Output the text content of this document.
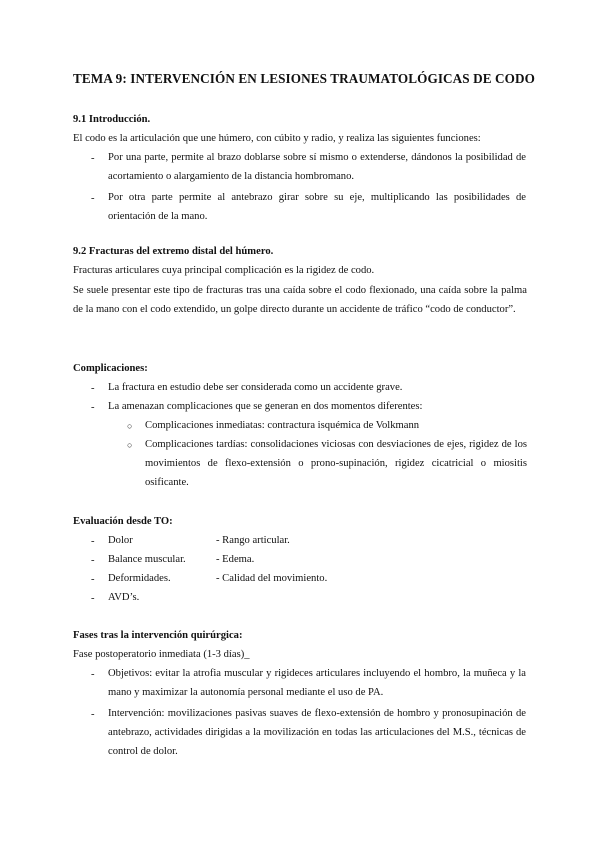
TEMA 9: INTERVENCIÓN EN LESIONES TRAUMATOLÓGICAS DE CODO
9.1 Introducción.
El codo es la articulación que une húmero, con cúbito y radio, y realiza las siguientes funciones:
- Por una parte, permite al brazo doblarse sobre sí mismo o extenderse, dándonos la posibilidad de acortamiento o alargamiento de la distancia hombromano.
- Por otra parte permite al antebrazo girar sobre su eje, multiplicando las posibilidades de orientación de la mano.
9.2 Fracturas del extremo distal del húmero.
Fracturas articulares cuya principal complicación es la rigidez de codo.
Se suele presentar este tipo de fracturas tras una caída sobre el codo flexionado, una caída sobre la palma de la mano con el codo extendido, un golpe directo durante un accidente de tráfico “codo de conductor”.
Complicaciones:
- La fractura en estudio debe ser considerada como un accidente grave.
- La amenazan complicaciones que se generan en dos momentos diferentes:
○ Complicaciones inmediatas: contractura isquémica de Volkmann
○ Complicaciones tardías: consolidaciones viciosas con desviaciones de ejes, rigidez de los movimientos de flexo-extensión o prono-supinación, rigidez cicatricial o miositis osificante.
Evaluación desde TO:
- Dolor	- Rango articular.
- Balance muscular.	- Edema.
- Deformidades.	- Calidad del movimiento.
- AVD’s.
Fases tras la intervención quirúrgica:
Fase postoperatorio inmediata (1-3 días)_
- Objetivos: evitar la atrofia muscular y rigideces articulares incluyendo el hombro, la muñeca y la mano y maximizar la autonomía personal mediante el uso de PA.
- Intervención: movilizaciones pasivas suaves de flexo-extensión de hombro y pronosupinación de antebrazo, actividades dirigidas a la movilización en todas las articulaciones del M.S., técnicas de control de dolor.
